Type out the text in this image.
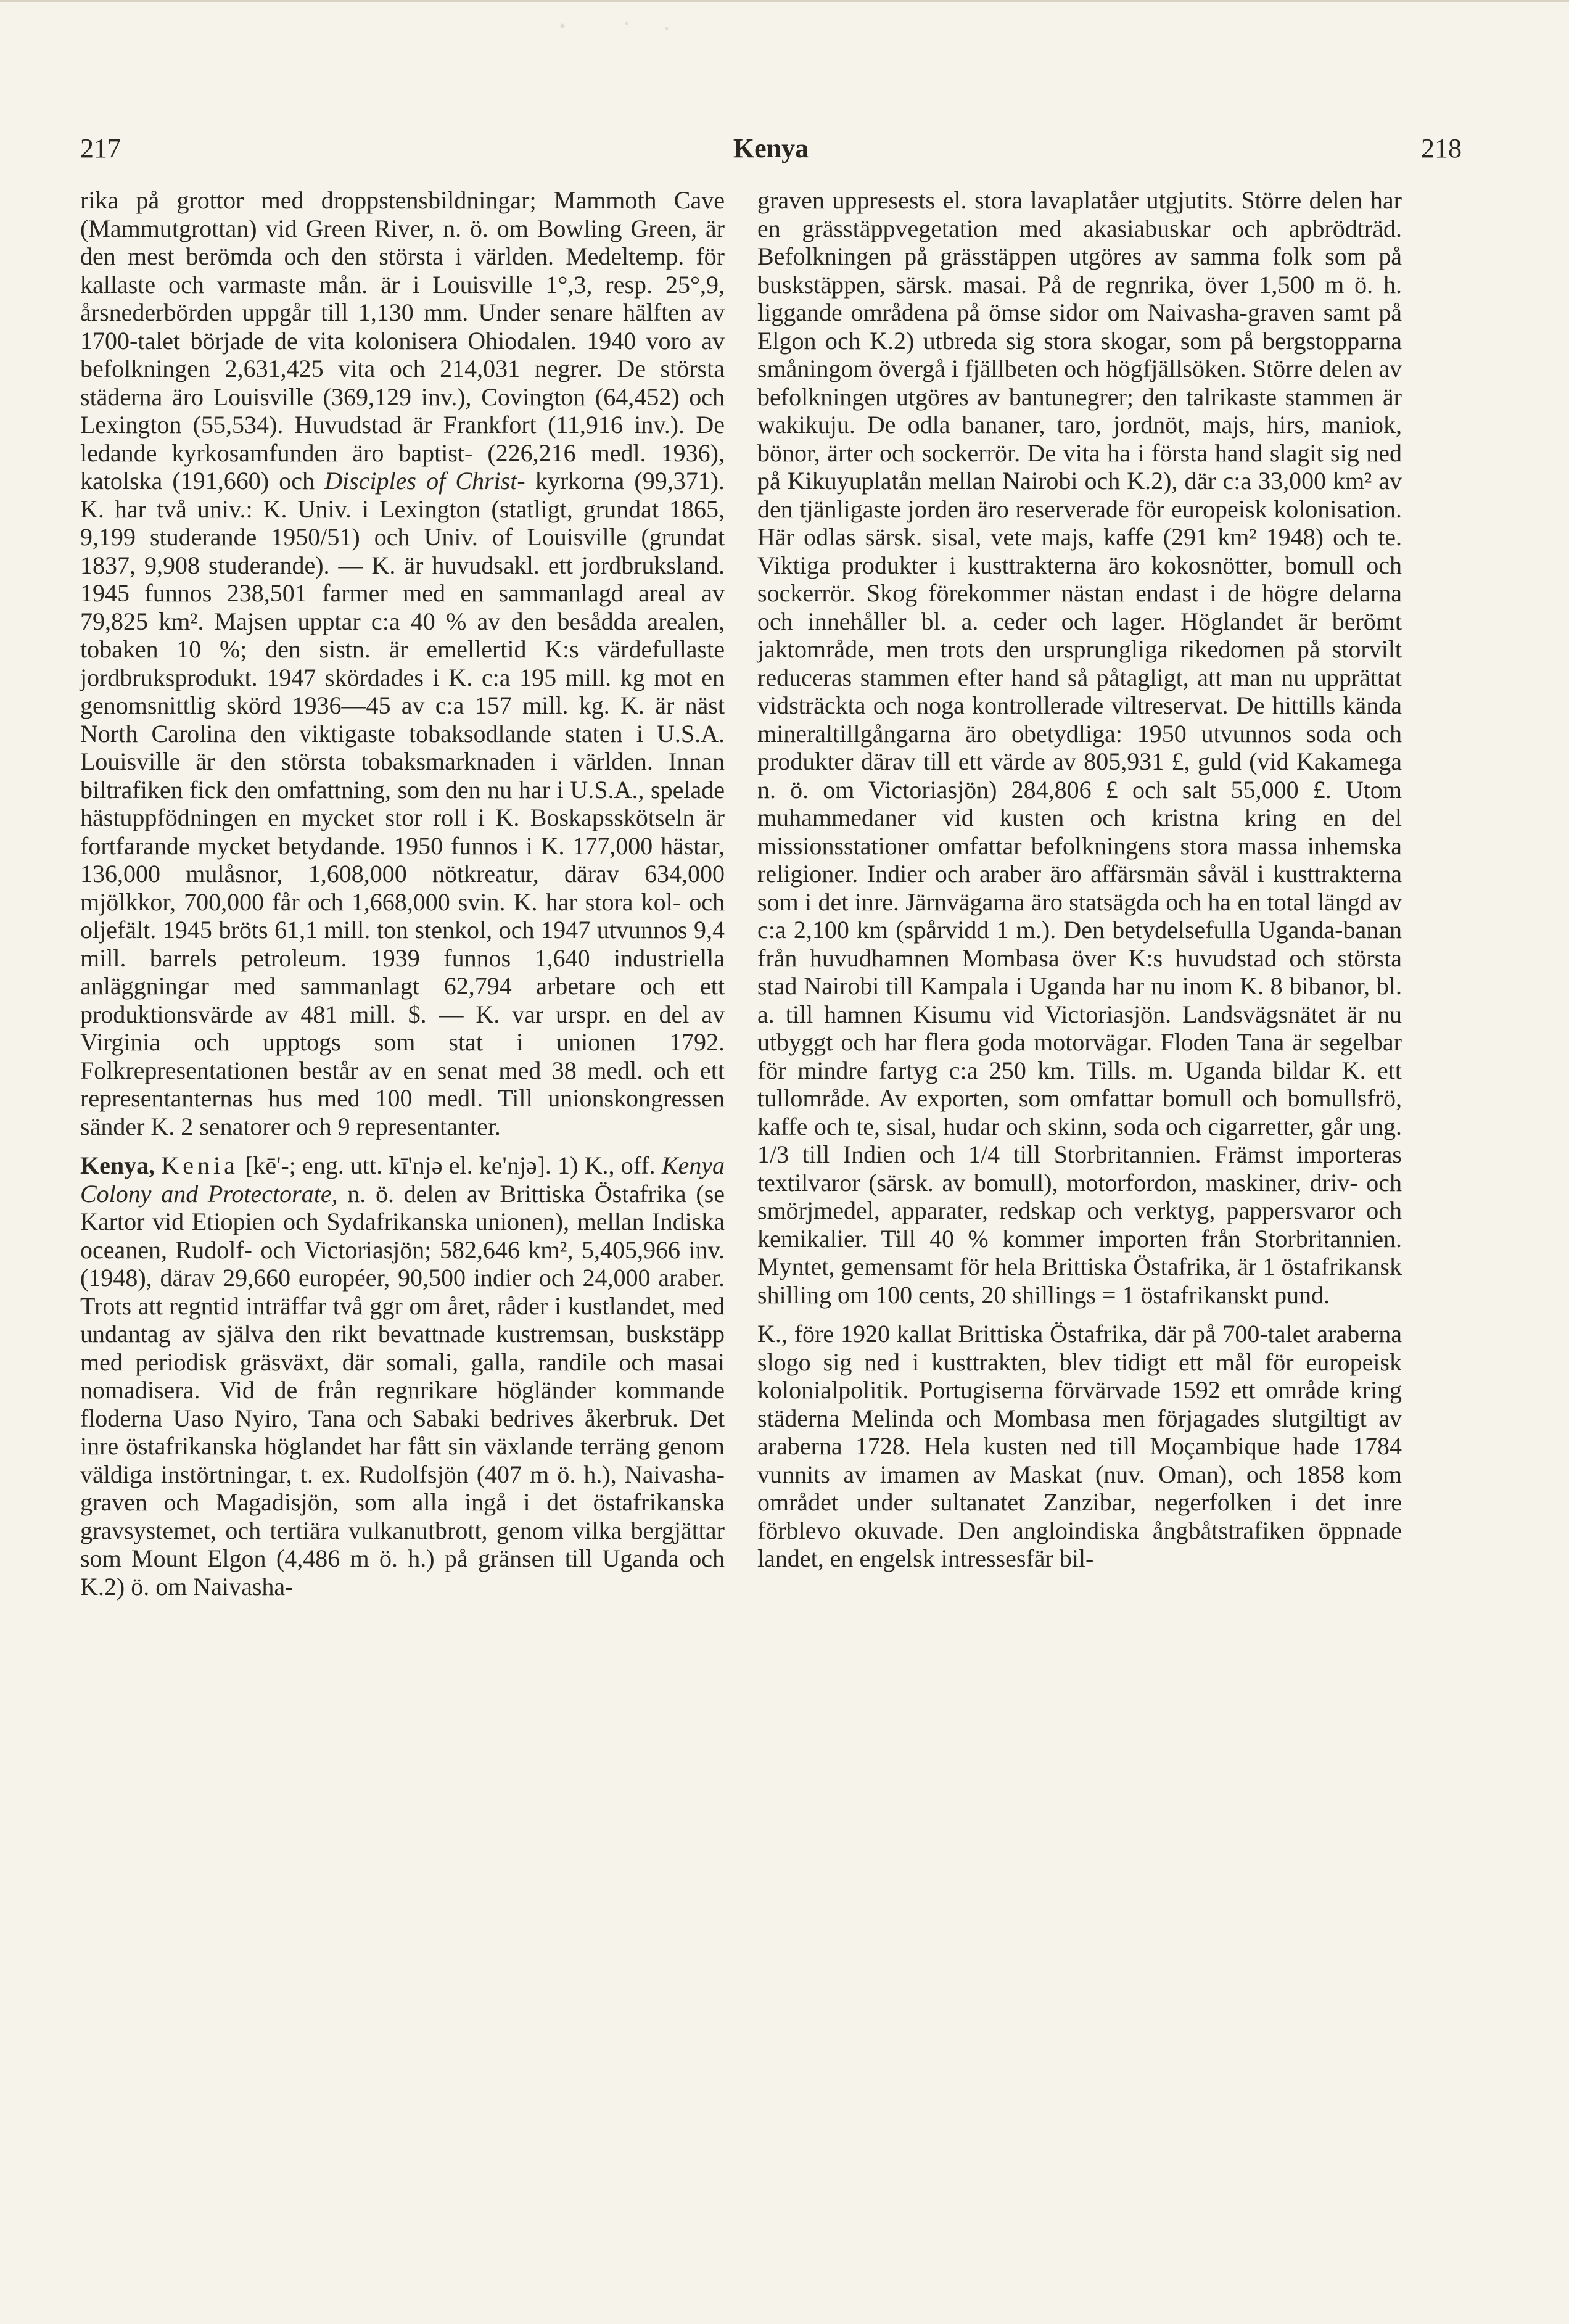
217	Kenya	218

rika på grottor med droppstensbildningar; Mammoth Cave (Mammutgrottan) vid Green River, n. ö. om Bowling Green, är den mest berömda och den största i världen. Medeltemp. för kallaste och varmaste mån. är i Louisville 1°,3, resp. 25°,9, årsnederbörden uppgår till 1,130 mm. Under senare hälften av 1700-talet började de vita kolonisera Ohiodalen. 1940 voro av befolkningen 2,631,425 vita och 214,031 negrer. De största städerna äro Louisville (369,129 inv.), Covington (64,452) och Lexington (55,534). Huvudstad är Frankfort (11,916 inv.). De ledande kyrkosamfunden äro baptist- (226,216 medl. 1936), katolska (191,660) och Disciples of Christ- kyrkorna (99,371). K. har två univ.: K. Univ. i Lexington (statligt, grundat 1865, 9,199 studerande 1950/51) och Univ. of Louisville (grundat 1837, 9,908 studerande). — K. är huvudsakl. ett jordbruksland. 1945 funnos 238,501 farmer med en sammanlagd areal av 79,825 km². Majsen upptar c:a 40 % av den besådda arealen, tobaken 10 %; den sistn. är emellertid K:s värdefullaste jordbruksprodukt. 1947 skördades i K. c:a 195 mill. kg mot en genomsnittlig skörd 1936—45 av c:a 157 mill. kg. K. är näst North Carolina den viktigaste tobaksodlande staten i U.S.A. Louisville är den största tobaksmarknaden i världen. Innan biltrafiken fick den omfattning, som den nu har i U.S.A., spelade hästuppfödningen en mycket stor roll i K. Boskapsskötseln är fortfarande mycket betydande. 1950 funnos i K. 177,000 hästar, 136,000 mulåsnor, 1,608,000 nötkreatur, därav 634,000 mjölkkor, 700,000 får och 1,668,000 svin. K. har stora kol- och oljefält. 1945 bröts 61,1 mill. ton stenkol, och 1947 utvunnos 9,4 mill. barrels petroleum. 1939 funnos 1,640 industriella anläggningar med sammanlagt 62,794 arbetare och ett produktionsvärde av 481 mill. $. — K. var urspr. en del av Virginia och upptogs som stat i unionen 1792. Folkrepresentationen består av en senat med 38 medl. och ett representanternas hus med 100 medl. Till unionskongressen sänder K. 2 senatorer och 9 representanter.

Kenya, Kenia [kē'-; eng. utt. kī'njə el. ke'njə]. 1) K., off. Kenya Colony and Protectorate, n. ö. delen av Brittiska Östafrika (se Kartor vid Etiopien och Sydafrikanska unionen), mellan Indiska oceanen, Rudolf- och Victoriasjön; 582,646 km², 5,405,966 inv. (1948), därav 29,660 européer, 90,500 indier och 24,000 araber. Trots att regntid inträffar två ggr om året, råder i kustlandet, med undantag av själva den rikt bevattnade kustremsan, buskstäpp med periodisk gräsväxt, där somali, galla, randile och masai nomadisera. Vid de från regnrikare högländer kommande floderna Uaso Nyiro, Tana och Sabaki bedrives åkerbruk. Det inre östafrikanska höglandet har fått sin växlande terräng genom väldiga instörtningar, t. ex. Rudolfsjön (407 m ö. h.), Naivasha-graven och Magadisjön, som alla ingå i det östafrikanska gravsystemet, och tertiära vulkanutbrott, genom vilka bergjättar som Mount Elgon (4,486 m ö. h.) på gränsen till Uganda och K.2) ö. om Naivasha-

graven uppresests el. stora lavaplatåer utgjutits. Större delen har en grässtäppvegetation med akasiabuskar och apbrödträd. Befolkningen på grässtäppen utgöres av samma folk som på buskstäppen, särsk. masai. På de regnrika, över 1,500 m ö. h. liggande områdena på ömse sidor om Naivasha-graven samt på Elgon och K.2) utbreda sig stora skogar, som på bergstopparna småningom övergå i fjällbeten och högfjällsöken. Större delen av befolkningen utgöres av bantunegrer; den talrikaste stammen är wakikuju. De odla bananer, taro, jordnöt, majs, hirs, maniok, bönor, ärter och sockerrör. De vita ha i första hand slagit sig ned på Kikuyuplatån mellan Nairobi och K.2), där c:a 33,000 km² av den tjänligaste jorden äro reserverade för europeisk kolonisation. Här odlas särsk. sisal, vete majs, kaffe (291 km² 1948) och te. Viktiga produkter i kusttrakterna äro kokosnötter, bomull och sockerrör. Skog förekommer nästan endast i de högre delarna och innehåller bl. a. ceder och lager. Höglandet är berömt jaktområde, men trots den ursprungliga rikedomen på storvilt reduceras stammen efter hand så påtagligt, att man nu upprättat vidsträckta och noga kontrollerade viltreservat. De hittills kända mineraltillgångarna äro obetydliga: 1950 utvunnos soda och produkter därav till ett värde av 805,931 £, guld (vid Kakamega n. ö. om Victoriasjön) 284,806 £ och salt 55,000 £. Utom muhammedaner vid kusten och kristna kring en del missionsstationer omfattar befolkningens stora massa inhemska religioner. Indier och araber äro affärsmän såväl i kusttrakterna som i det inre. Järnvägarna äro statsägda och ha en total längd av c:a 2,100 km (spårvidd 1 m.). Den betydelsefulla Uganda-banan från huvudhamnen Mombasa över K:s huvudstad och största stad Nairobi till Kampala i Uganda har nu inom K. 8 bibanor, bl. a. till hamnen Kisumu vid Victoriasjön. Landsvägsnätet är nu utbyggt och har flera goda motorvägar. Floden Tana är segelbar för mindre fartyg c:a 250 km. Tills. m. Uganda bildar K. ett tullområde. Av exporten, som omfattar bomull och bomullsfrö, kaffe och te, sisal, hudar och skinn, soda och cigarretter, går ung. 1/3 till Indien och 1/4 till Storbritannien. Främst importeras textilvaror (särsk. av bomull), motorfordon, maskiner, driv- och smörjmedel, apparater, redskap och verktyg, pappersvaror och kemikalier. Till 40 % kommer importen från Storbritannien. Myntet, gemensamt för hela Brittiska Östafrika, är 1 östafrikansk shilling om 100 cents, 20 shillings = 1 östafrikanskt pund.

K., före 1920 kallat Brittiska Östafrika, där på 700-talet araberna slogo sig ned i kusttrakten, blev tidigt ett mål för europeisk kolonialpolitik. Portugiserna förvärvade 1592 ett område kring städerna Melinda och Mombasa men förjagades slutgiltigt av araberna 1728. Hela kusten ned till Moçambique hade 1784 vunnits av imamen av Maskat (nuv. Oman), och 1858 kom området under sultanatet Zanzibar, negerfolken i det inre förblevo okuvade. Den angloindiska ångbåtstrafiken öppnade landet, en engelsk intressesfär bil-
